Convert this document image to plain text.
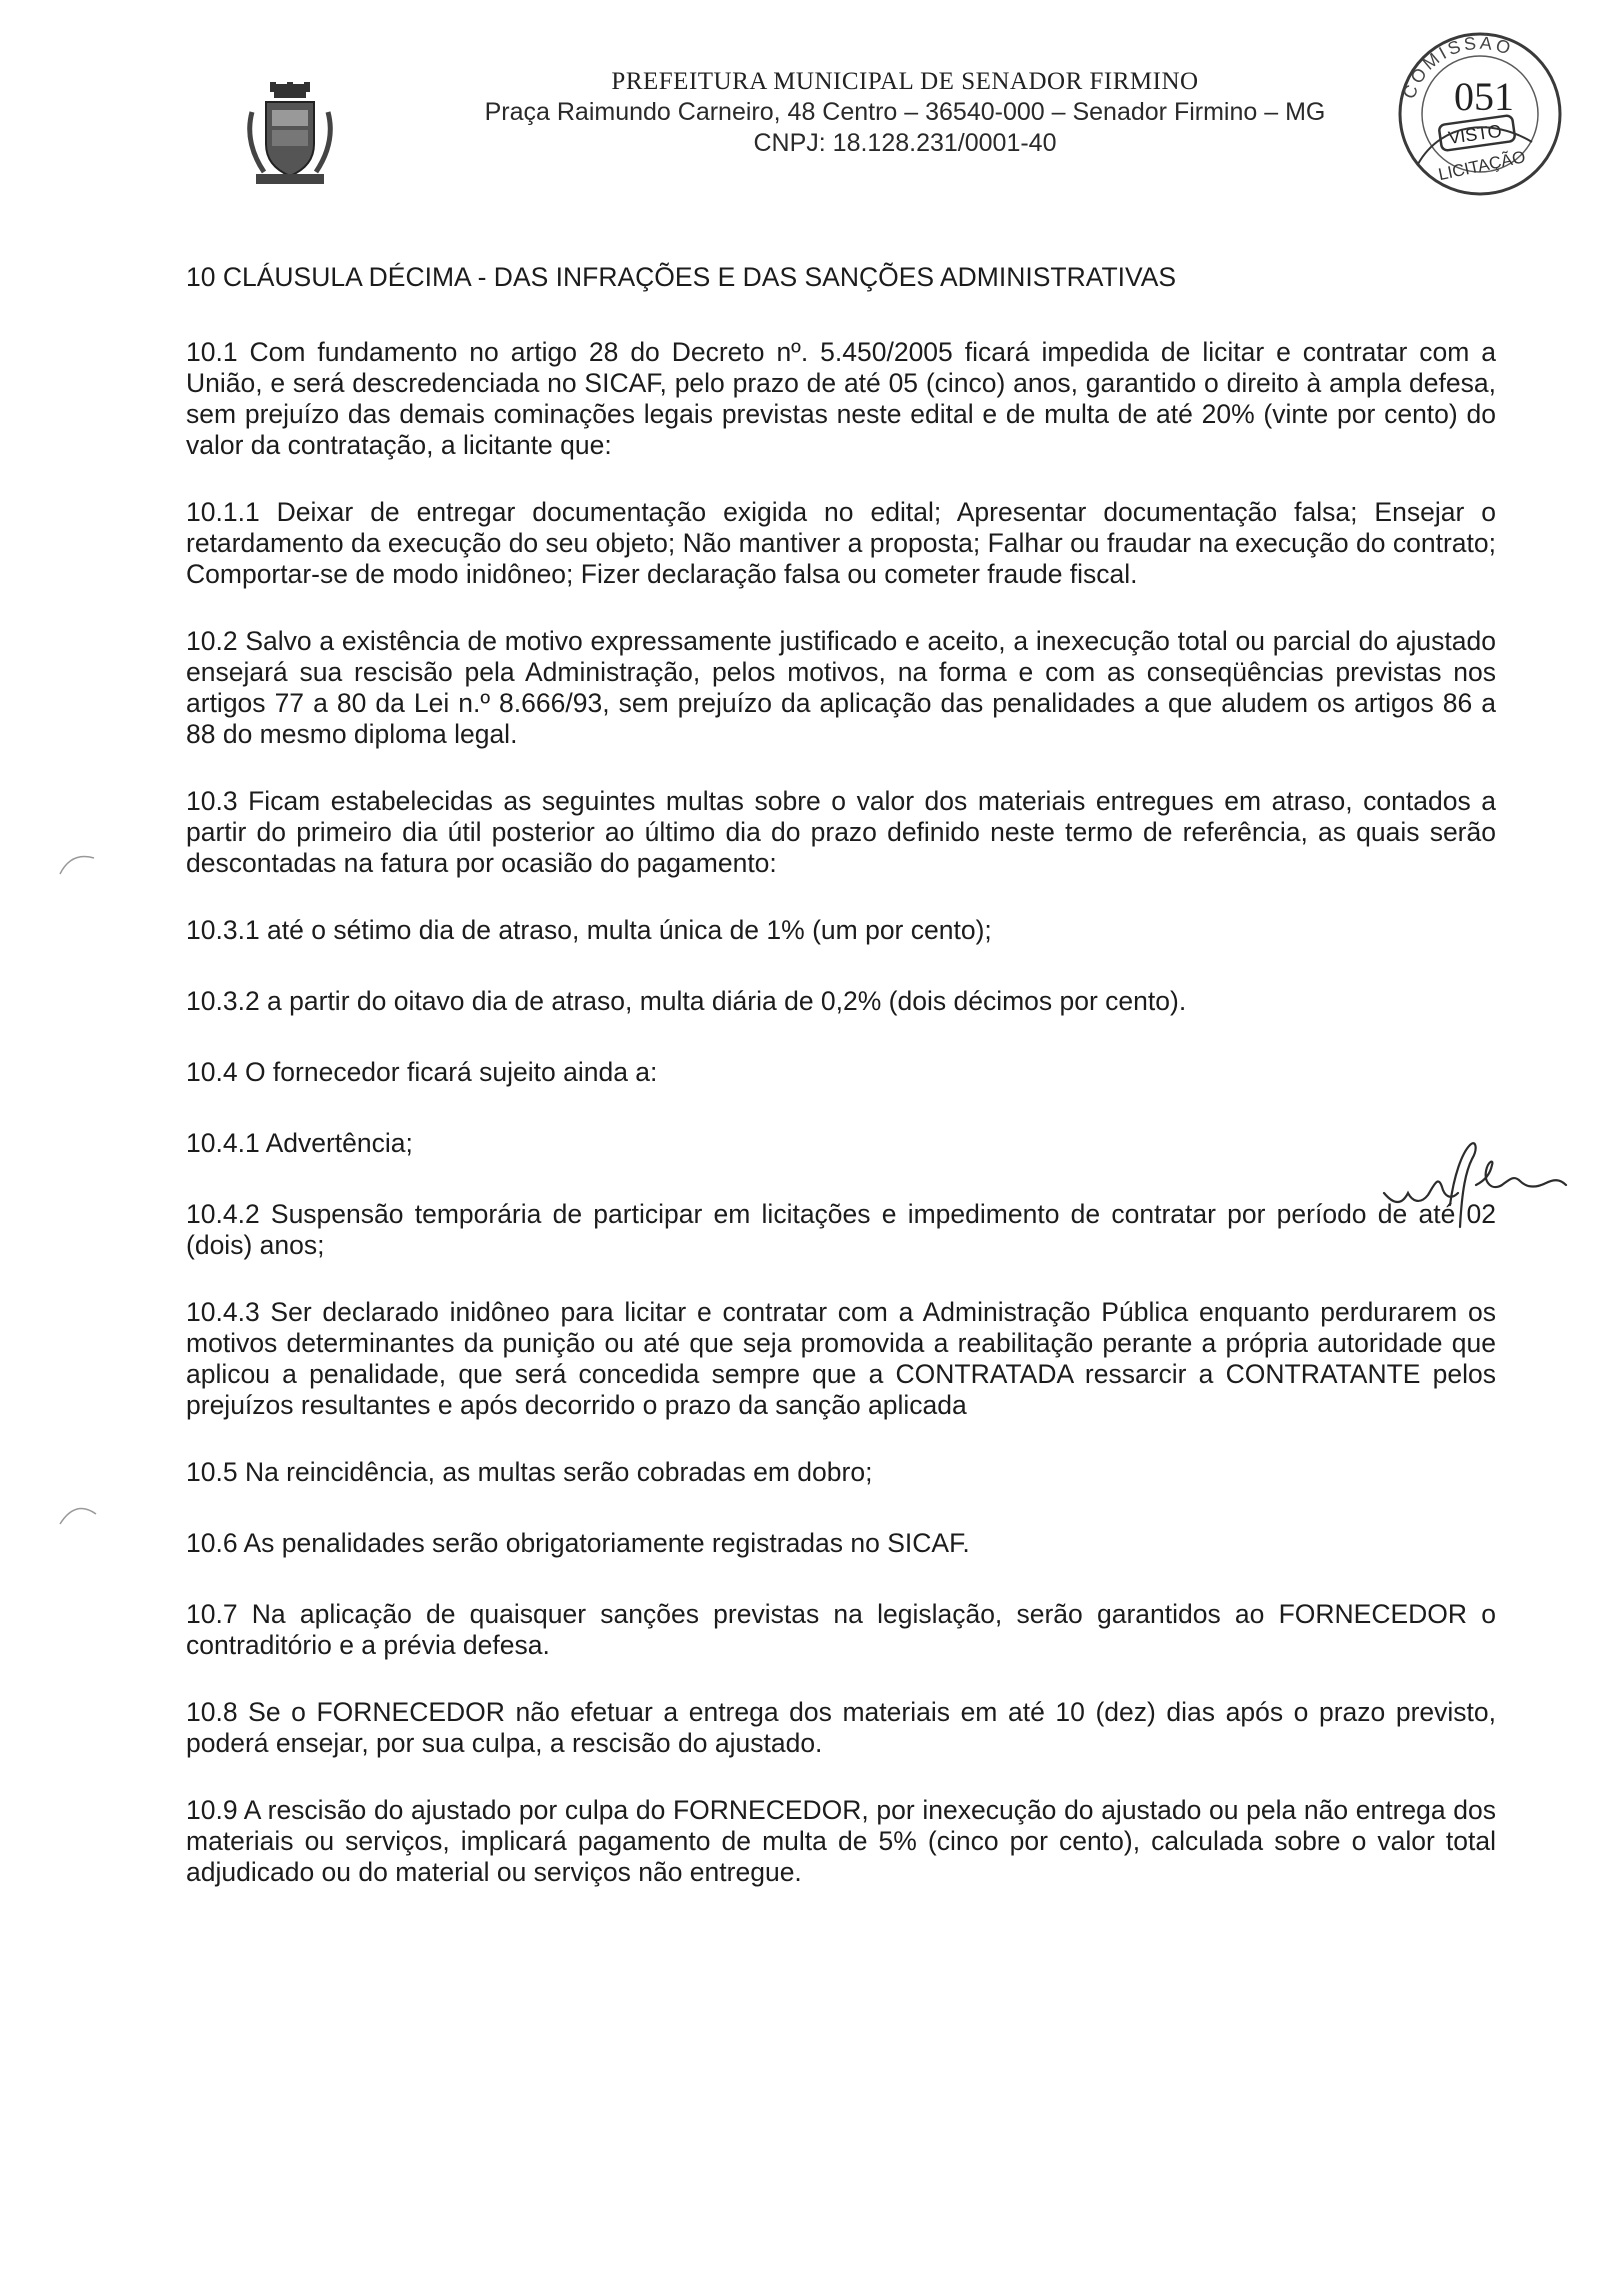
PREFEITURA MUNICIPAL DE SENADOR FIRMINO
Praça Raimundo Carneiro, 48 Centro – 36540-000 – Senador Firmino – MG
CNPJ: 18.128.231/0001-40
COMISSÃO
051
VISTO
LICITAÇÃO

10 CLÁUSULA DÉCIMA - DAS INFRAÇÕES E DAS SANÇÕES ADMINISTRATIVAS

10.1 Com fundamento no artigo 28 do Decreto nº. 5.450/2005 ficará impedida de licitar e contratar com a União, e será descredenciada no SICAF, pelo prazo de até 05 (cinco) anos, garantido o direito à ampla defesa, sem prejuízo das demais cominações legais previstas neste edital e de multa de até 20% (vinte por cento) do valor da contratação, a licitante que:

10.1.1 Deixar de entregar documentação exigida no edital; Apresentar documentação falsa; Ensejar o retardamento da execução do seu objeto; Não mantiver a proposta; Falhar ou fraudar na execução do contrato; Comportar-se de modo inidôneo; Fizer declaração falsa ou cometer fraude fiscal.

10.2 Salvo a existência de motivo expressamente justificado e aceito, a inexecução total ou parcial do ajustado ensejará sua rescisão pela Administração, pelos motivos, na forma e com as conseqüências previstas nos artigos 77 a 80 da Lei n.º 8.666/93, sem prejuízo da aplicação das penalidades a que aludem os artigos 86 a 88 do mesmo diploma legal.

10.3 Ficam estabelecidas as seguintes multas sobre o valor dos materiais entregues em atraso, contados a partir do primeiro dia útil posterior ao último dia do prazo definido neste termo de referência, as quais serão descontadas na fatura por ocasião do pagamento:

10.3.1 até o sétimo dia de atraso, multa única de 1% (um por cento);

10.3.2 a partir do oitavo dia de atraso, multa diária de 0,2% (dois décimos por cento).

10.4 O fornecedor ficará sujeito ainda a:

10.4.1 Advertência;

10.4.2 Suspensão temporária de participar em licitações e impedimento de contratar por período de até 02 (dois) anos;

10.4.3 Ser declarado inidôneo para licitar e contratar com a Administração Pública enquanto perdurarem os motivos determinantes da punição ou até que seja promovida a reabilitação perante a própria autoridade que aplicou a penalidade, que será concedida sempre que a CONTRATADA ressarcir a CONTRATANTE pelos prejuízos resultantes e após decorrido o prazo da sanção aplicada

10.5 Na reincidência, as multas serão cobradas em dobro;

10.6 As penalidades serão obrigatoriamente registradas no SICAF.

10.7 Na aplicação de quaisquer sanções previstas na legislação, serão garantidos ao FORNECEDOR o contraditório e a prévia defesa.

10.8 Se o FORNECEDOR não efetuar a entrega dos materiais em até 10 (dez) dias após o prazo previsto, poderá ensejar, por sua culpa, a rescisão do ajustado.

10.9 A rescisão do ajustado por culpa do FORNECEDOR, por inexecução do ajustado ou pela não entrega dos materiais ou serviços, implicará pagamento de multa de 5% (cinco por cento), calculada sobre o valor total adjudicado ou do material ou serviços não entregue.
